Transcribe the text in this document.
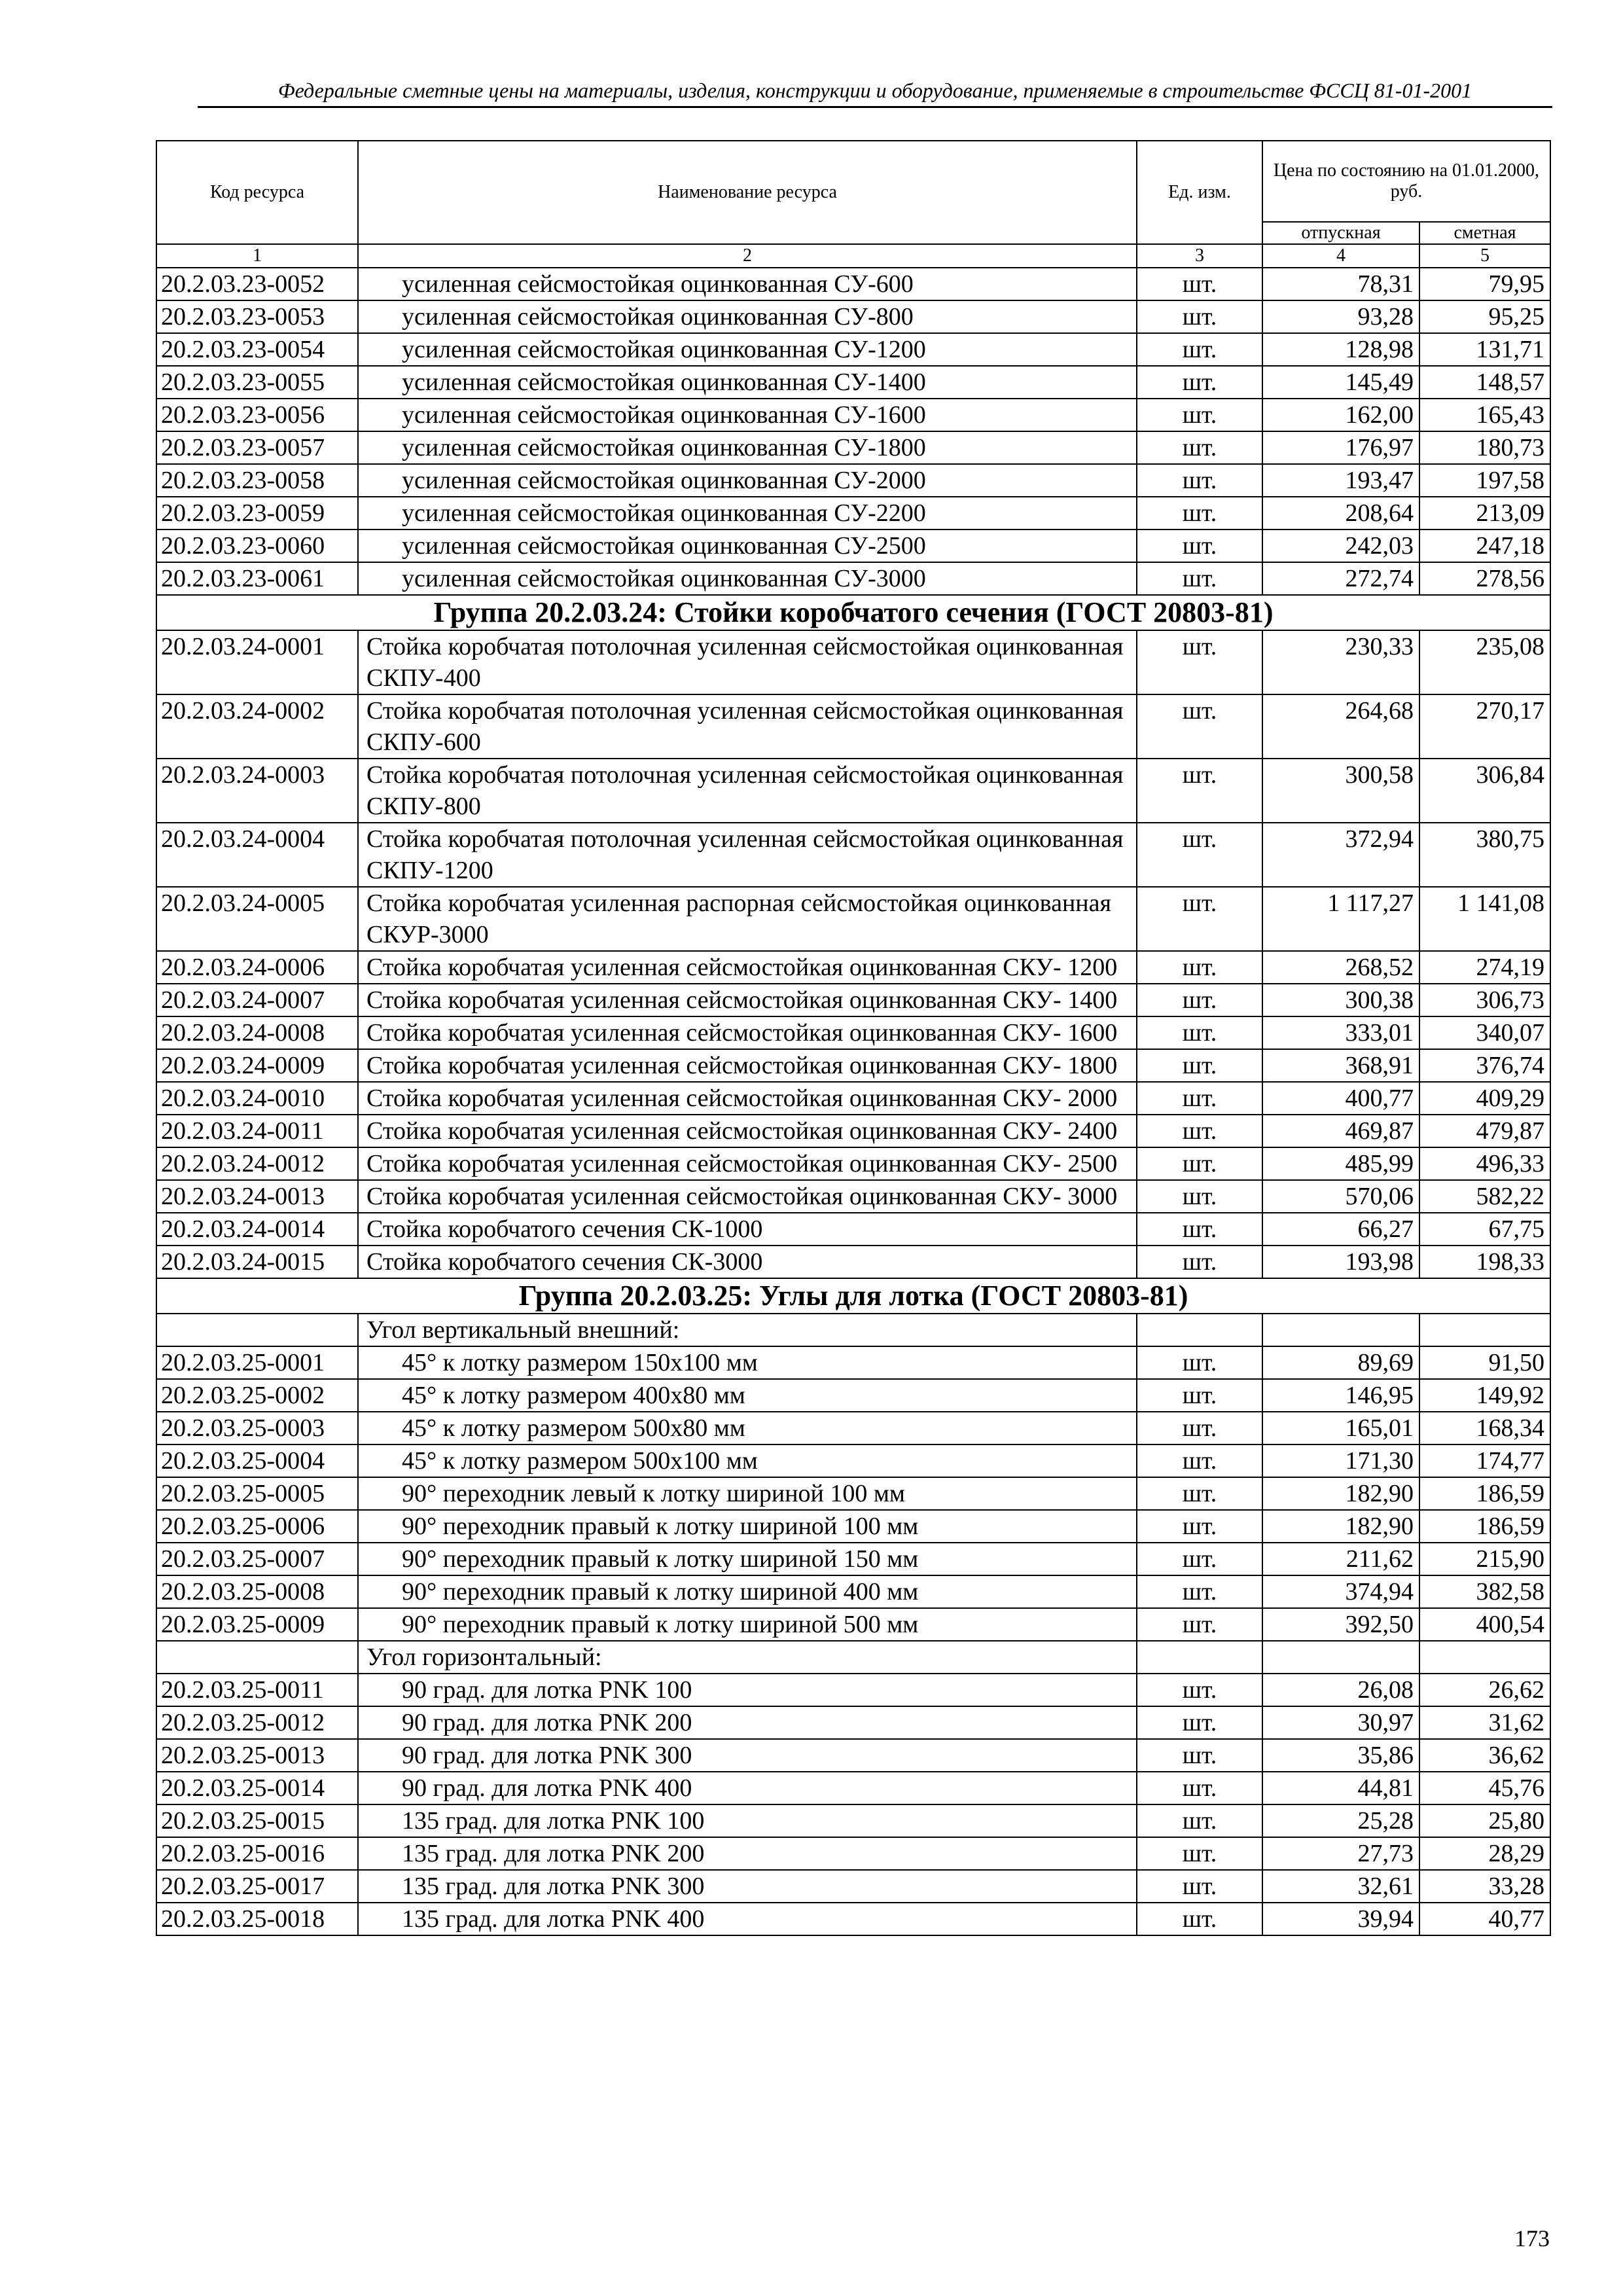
Федеральные сметные цены на материалы, изделия, конструкции и оборудование, применяемые в строительстве ФССЦ 81-01-2001
Код ресурса	Наименование ресурса	Ед. изм.	Цена по состоянию на 01.01.2000, руб.	
			отпускная	сметная
1	2	3	4	5
20.2.03.23-0052	усиленная сейсмостойкая оцинкованная СУ-600	шт.	78,31	79,95
20.2.03.23-0053	усиленная сейсмостойкая оцинкованная СУ-800	шт.	93,28	95,25
20.2.03.23-0054	усиленная сейсмостойкая оцинкованная СУ-1200	шт.	128,98	131,71
20.2.03.23-0055	усиленная сейсмостойкая оцинкованная СУ-1400	шт.	145,49	148,57
20.2.03.23-0056	усиленная сейсмостойкая оцинкованная СУ-1600	шт.	162,00	165,43
20.2.03.23-0057	усиленная сейсмостойкая оцинкованная СУ-1800	шт.	176,97	180,73
20.2.03.23-0058	усиленная сейсмостойкая оцинкованная СУ-2000	шт.	193,47	197,58
20.2.03.23-0059	усиленная сейсмостойкая оцинкованная СУ-2200	шт.	208,64	213,09
20.2.03.23-0060	усиленная сейсмостойкая оцинкованная СУ-2500	шт.	242,03	247,18
20.2.03.23-0061	усиленная сейсмостойкая оцинкованная СУ-3000	шт.	272,74	278,56
Группа 20.2.03.24: Стойки коробчатого сечения (ГОСТ 20803-81)				
20.2.03.24-0001	Стойка коробчатая потолочная усиленная сейсмостойкая оцинкованная СКПУ-400	шт.	230,33	235,08
20.2.03.24-0002	Стойка коробчатая потолочная усиленная сейсмостойкая оцинкованная СКПУ-600	шт.	264,68	270,17
20.2.03.24-0003	Стойка коробчатая потолочная усиленная сейсмостойкая оцинкованная СКПУ-800	шт.	300,58	306,84
20.2.03.24-0004	Стойка коробчатая потолочная усиленная сейсмостойкая оцинкованная СКПУ-1200	шт.	372,94	380,75
20.2.03.24-0005	Стойка коробчатая усиленная распорная сейсмостойкая оцинкованная СКУР-3000	шт.	1 117,27	1 141,08
20.2.03.24-0006	Стойка коробчатая усиленная сейсмостойкая оцинкованная СКУ- 1200	шт.	268,52	274,19
20.2.03.24-0007	Стойка коробчатая усиленная сейсмостойкая оцинкованная СКУ- 1400	шт.	300,38	306,73
20.2.03.24-0008	Стойка коробчатая усиленная сейсмостойкая оцинкованная СКУ- 1600	шт.	333,01	340,07
20.2.03.24-0009	Стойка коробчатая усиленная сейсмостойкая оцинкованная СКУ- 1800	шт.	368,91	376,74
20.2.03.24-0010	Стойка коробчатая усиленная сейсмостойкая оцинкованная СКУ- 2000	шт.	400,77	409,29
20.2.03.24-0011	Стойка коробчатая усиленная сейсмостойкая оцинкованная СКУ- 2400	шт.	469,87	479,87
20.2.03.24-0012	Стойка коробчатая усиленная сейсмостойкая оцинкованная СКУ- 2500	шт.	485,99	496,33
20.2.03.24-0013	Стойка коробчатая усиленная сейсмостойкая оцинкованная СКУ- 3000	шт.	570,06	582,22
20.2.03.24-0014	Стойка коробчатого сечения СК-1000	шт.	66,27	67,75
20.2.03.24-0015	Стойка коробчатого сечения СК-3000	шт.	193,98	198,33
Группа 20.2.03.25: Углы для лотка (ГОСТ 20803-81)				
	Угол вертикальный внешний:			
20.2.03.25-0001	45° к лотку размером 150х100 мм	шт.	89,69	91,50
20.2.03.25-0002	45° к лотку размером 400х80 мм	шт.	146,95	149,92
20.2.03.25-0003	45° к лотку размером 500х80 мм	шт.	165,01	168,34
20.2.03.25-0004	45° к лотку размером 500х100 мм	шт.	171,30	174,77
20.2.03.25-0005	90° переходник левый к лотку шириной 100 мм	шт.	182,90	186,59
20.2.03.25-0006	90° переходник правый к лотку шириной 100 мм	шт.	182,90	186,59
20.2.03.25-0007	90° переходник правый к лотку шириной 150 мм	шт.	211,62	215,90
20.2.03.25-0008	90° переходник правый к лотку шириной 400 мм	шт.	374,94	382,58
20.2.03.25-0009	90° переходник правый к лотку шириной 500 мм	шт.	392,50	400,54
	Угол горизонтальный:			
20.2.03.25-0011	90 град. для лотка PNK 100	шт.	26,08	26,62
20.2.03.25-0012	90 град. для лотка PNK 200	шт.	30,97	31,62
20.2.03.25-0013	90 град. для лотка PNK 300	шт.	35,86	36,62
20.2.03.25-0014	90 град. для лотка PNK 400	шт.	44,81	45,76
20.2.03.25-0015	135 град. для лотка PNK 100	шт.	25,28	25,80
20.2.03.25-0016	135 град. для лотка PNK 200	шт.	27,73	28,29
20.2.03.25-0017	135 град. для лотка PNK 300	шт.	32,61	33,28
20.2.03.25-0018	135 град. для лотка PNK 400	шт.	39,94	40,77
173
